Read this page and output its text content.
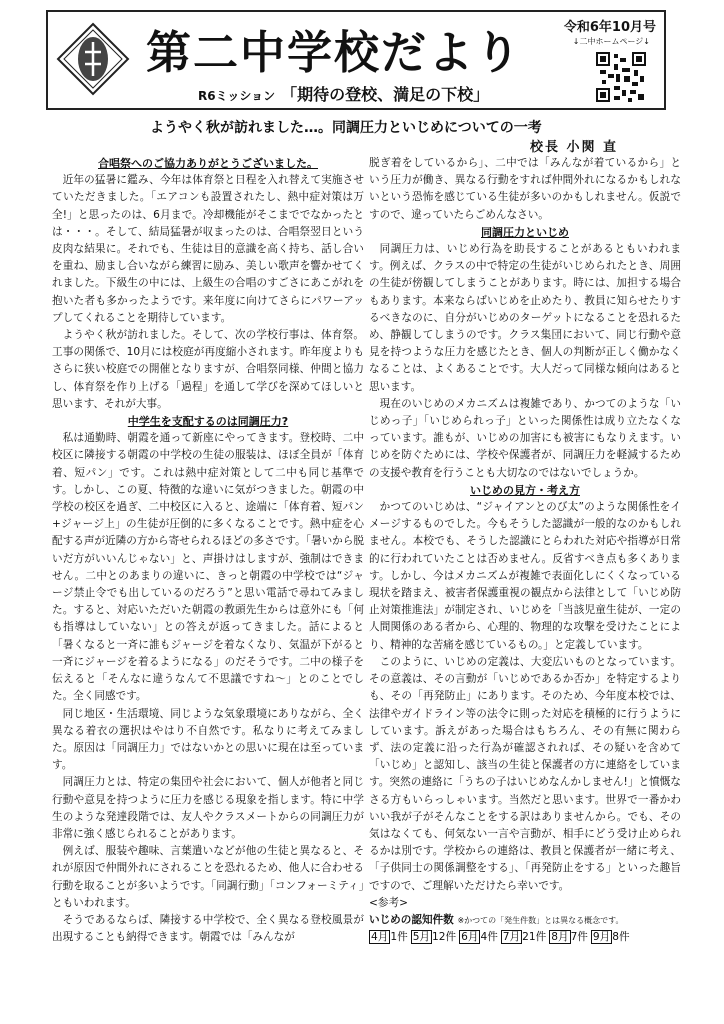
第二中学校だより
R6ミッション 「期待の登校、満足の下校」
令和6年10月号
↓二中ホームページ↓
ようやく秋が訪れました…。同調圧力といじめについての一考
校長 小関 直
合唱祭へのご協力ありがとうございました。

近年の猛暑に鑑み、今年は体育祭と日程を入れ替えて実施させていただきました。「エアコンも設置されたし、熱中症対策は万全!」と思ったのは、6月まで。冷却機能がそこまででなかったとは・・・。そして、結局猛暑が収まったのは、合唱祭翌日という皮肉な結果に。それでも、生徒は目的意識を高く持ち、話し合いを重ね、励まし合いながら練習に励み、美しい歌声を響かせてくれました。下級生の中には、上級生の合唱のすごさにあこがれを抱いた者も多かったようです。来年度に向けてさらにパワーアップしてくれることを期待しています。

ようやく秋が訪れました。そして、次の学校行事は、体育祭。工事の関係で、10月には校庭が再度縮小されます。昨年度よりもさらに狭い校庭での開催となりますが、合唱祭同様、仲間と協力し、体育祭を作り上げる「過程」を通して学びを深めてほしいと思います、それが大事。

中学生を支配するのは同調圧力?

私は通勤時、朝霞を通って新座にやってきます。登校時、二中校区に隣接する朝霞の中学校の生徒の服装は、ほぼ全員が「体育着、短パン」です。これは熱中症対策として二中も同じ基準です。しかし、この夏、特徴的な違いに気がつきました。朝霞の中学校の校区を過ぎ、二中校区に入ると、途端に「体育着、短パン+ジャージ上」の生徒が圧倒的に多くなることです。熱中症を心配する声が近隣の方から寄せられるほどの多さです。「暑いから脱いだ方がいいんじゃない」と、声掛けはしますが、強制はできません。二中とのあまりの違いに、きっと朝霞の中学校では“ジャージ禁止令でも出しているのだろう”と思い電話で尋ねてみました。すると、対応いただいた朝霞の教頭先生からは意外にも「何も指導はしていない」との答えが返ってきました。話によると「暑くなると一斉に誰もジャージを着なくなり、気温が下がると一斉にジャージを着るようになる」のだそうです。二中の様子を伝えると「そんなに違うなんて不思議ですね〜」とのことでした。全く同感です。

同じ地区・生活環境、同じような気象環境にありながら、全く異なる着衣の選択はやはり不自然です。私なりに考えてみました。原因は「同調圧力」ではないかとの思いに現在は至っています。

同調圧力とは、特定の集団や社会において、個人が他者と同じ行動や意見を持つように圧力を感じる現象を指します。特に中学生のような発達段階では、友人やクラスメートからの同調圧力が非常に強く感じられることがあります。

例えば、服装や趣味、言葉遣いなどが他の生徒と異なると、それが原因で仲間外れにされることを恐れるため、他人に合わせる行動を取ることが多いようです。「同調行動」「コンフォーミティ」ともいわれます。

そうであるならば、隣接する中学校で、全く異なる登校風景が出現することも納得できます。朝霞では「みんなが

脱ぎ着をしているから」、二中では「みんなが着ているから」という圧力が働き、異なる行動をすれば仲間外れになるかもしれないという恐怖を感じている生徒が多いのかもしれません。仮説ですので、違っていたらごめんなさい。

同調圧力といじめ

同調圧力は、いじめ行為を助長することがあるともいわれます。例えば、クラスの中で特定の生徒がいじめられたとき、周囲の生徒が傍観してしまうことがあります。時には、加担する場合もあります。本来ならばいじめを止めたり、教員に知らせたりするべきなのに、自分がいじめのターゲットになることを恐れるため、静観してしまうのです。クラス集団において、同じ行動や意見を持つような圧力を感じたとき、個人の判断が正しく働かなくなることは、よくあることです。大人だって同様な傾向はあると思います。

現在のいじめのメカニズムは複雑であり、かつてのような「いじめっ子」「いじめられっ子」といった関係性は成り立たなくなっています。誰もが、いじめの加害にも被害にもなりえます。いじめを防ぐためには、学校や保護者が、同調圧力を軽減するための支援や教育を行うことも大切なのではないでしょうか。

いじめの見方・考え方

かつてのいじめは、“ジャイアンとのび太”のような関係性をイメージするものでした。今もそうした認識が一般的なのかもしれません。本校でも、そうした認識にとらわれた対応や指導が日常的に行われていたことは否めません。反省すべき点も多くあります。しかし、今はメカニズムが複雑で表面化しにくくなっている現状を踏まえ、被害者保護重視の観点から法律として「いじめ防止対策推進法」が制定され、いじめを「当該児童生徒が、一定の人間関係のある者から、心理的、物理的な攻撃を受けたことにより、精神的な苦痛を感じているもの。」と定義しています。

このように、いじめの定義は、大変広いものとなっています。その意義は、その言動が「いじめであるか否か」を特定するよりも、その「再発防止」にあります。そのため、今年度本校では、法律やガイドライン等の法令に則った対応を積極的に行うようにしています。訴えがあった場合はもちろん、その有無に関わらず、法の定義に沿った行為が確認されれば、その疑いを含めて「いじめ」と認知し、該当の生徒と保護者の方に連絡をしています。突然の連絡に「うちの子はいじめなんかしません!」と憤慨なさる方もいらっしゃいます。当然だと思います。世界で一番かわいい我が子がそんなことをする訳はありませんから。でも、その気はなくても、何気ない一言や言動が、相手にどう受け止められるかは別です。学校からの連絡は、教員と保護者が一緒に考え、「子供同士の関係調整をする」、「再発防止をする」といった趣旨ですので、ご理解いただけたら幸いです。

<参考>
いじめの認知件数 ※かつての「発生件数」とは異なる概念です。
4月 1件 5月 12件 6月 4件 7月 21件 8月 7件 9月 8件
